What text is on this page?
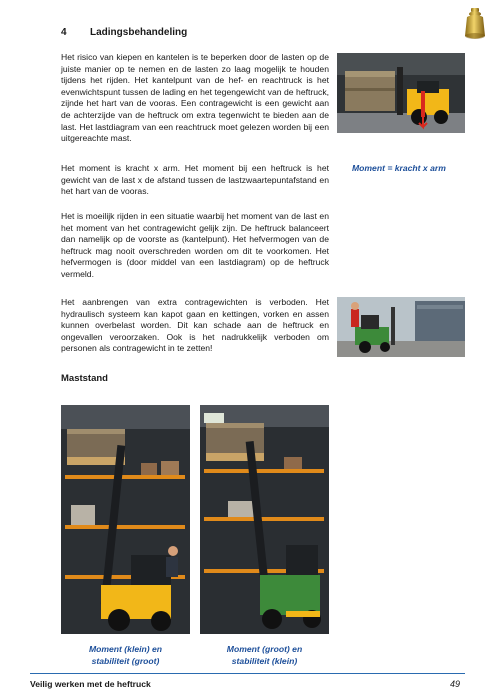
4 Ladingsbehandeling

Het risico van kiepen en kantelen is te beperken door de lasten op de juiste manier op te nemen en de lasten zo laag mogelijk te houden tijdens het rijden. Het kantelpunt van de hef- en reachtruck is het evenwichtspunt tussen de lading en het tegengewicht van de heftruck, zijnde het hart van de vooras. Een contragewicht is een gewicht aan de achterzijde van de heftruck om extra tegenwicht te bieden aan de last. Het lastdiagram van een reachtruck moet gelezen worden bij een uitgereachte mast.

Het moment is kracht x arm. Het moment bij een heftruck is het gewicht van de last x de afstand tussen de lastzwaartepuntafstand en het hart van de vooras.

Het is moeilijk rijden in een situatie waarbij het moment van de last en het moment van het contragewicht gelijk zijn. De heftruck balanceert dan namelijk op de voorste as (kantelpunt). Het hefvermogen van de heftruck mag nooit overschreden worden om dit te voorkomen. Het hefvermogen is (door middel van een lastdiagram) op de heftruck vermeld.

Het aanbrengen van extra contragewichten is verboden. Het hydraulisch systeem kan kapot gaan en kettingen, vorken en assen kunnen overbelast worden. Dit kan schade aan de heftruck en ongevallen veroorzaken. Ook is het nadrukkelijk verboden om personen als contragewicht in te zetten!

Moment = kracht x arm
Maststand
Moment (klein) en
stabiliteit (groot)
Moment (groot) en
stabiliteit (klein)
Veilig werken met de heftruck	49
